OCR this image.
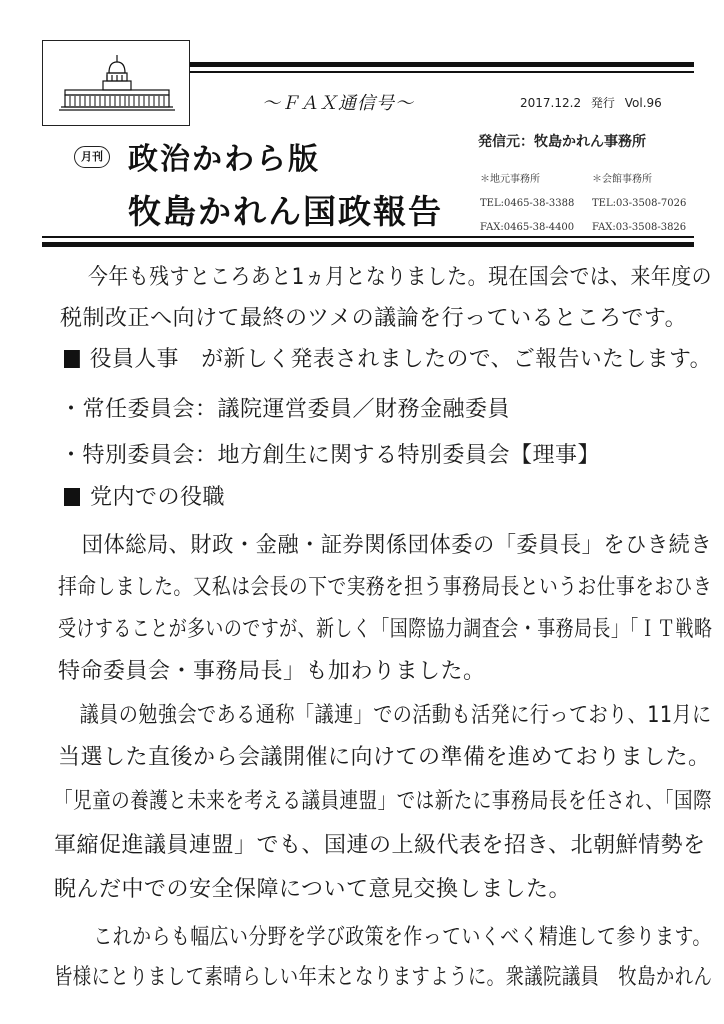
～ＦＡＸ通信号～	2017.12.2 発行 Vol.96
月刊 政治かわら版
牧島かれん国政報告
発信元：牧島かれん事務所
＊地元事務所
TEL:0465-38-3388
FAX:0465-38-4400
＊会館事務所
TEL:03-3508-7026
FAX:03-3508-3826
今年も残すところあと1ヵ月となりました。現在国会では、来年度の
税制改正へ向けて最終のツメの議論を行っているところです。
役員人事　が新しく発表されましたので、ご報告いたします。
・常任委員会：議院運営委員／財務金融委員
・特別委員会：地方創生に関する特別委員会【理事】
党内での役職
　団体総局、財政・金融・証券関係団体委の「委員長」をひき続き
拝命しました。又私は会長の下で実務を担う事務局長というお仕事をおひき
受けすることが多いのですが、新しく「国際協力調査会・事務局長」「ＩＴ戦略
特命委員会・事務局長」も加わりました。
　議員の勉強会である通称「議連」での活動も活発に行っており、11月に
当選した直後から会議開催に向けての準備を進めておりました。
「児童の養護と未来を考える議員連盟」では新たに事務局長を任され、「国際
軍縮促進議員連盟」でも、国連の上級代表を招き、北朝鮮情勢を
睨んだ中での安全保障について意見交換しました。
　これからも幅広い分野を学び政策を作っていくべく精進して参ります。
皆様にとりまして素晴らしい年末となりますように。衆議院議員　牧島かれん
